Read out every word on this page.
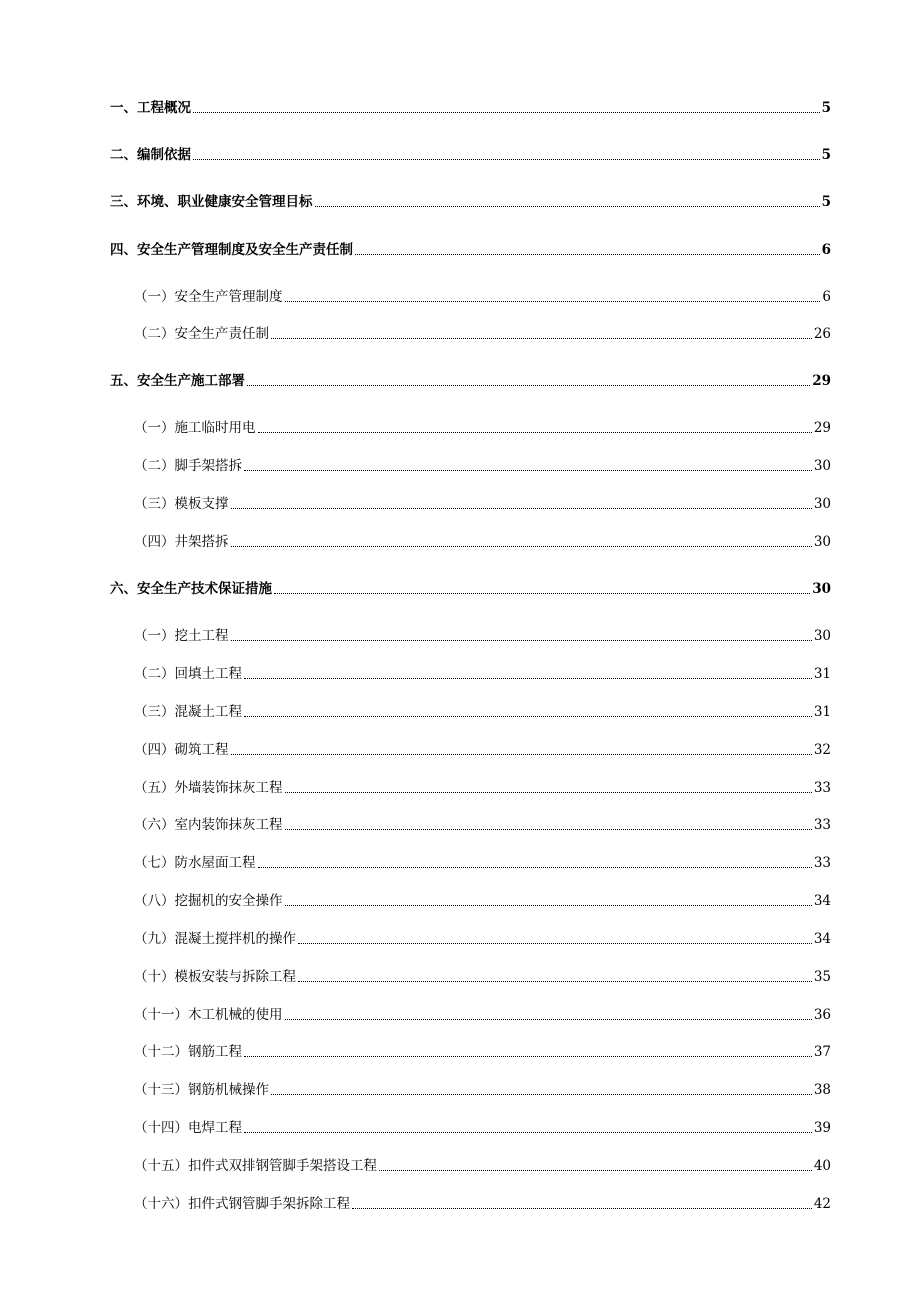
一、工程概况	5
二、编制依据	5
三、环境、职业健康安全管理目标	5
四、安全生产管理制度及安全生产责任制	6
（一）安全生产管理制度	6
（二）安全生产责任制	26
五、安全生产施工部署	29
（一）施工临时用电	29
（二）脚手架搭拆	30
（三）模板支撑	30
（四）井架搭拆	30
六、安全生产技术保证措施	30
（一）挖土工程	30
（二）回填土工程	31
（三）混凝土工程	31
（四）砌筑工程	32
（五）外墙装饰抹灰工程	33
（六）室内装饰抹灰工程	33
（七）防水屋面工程	33
（八）挖掘机的安全操作	34
（九）混凝土搅拌机的操作	34
（十）模板安装与拆除工程	35
（十一）木工机械的使用	36
（十二）钢筋工程	37
（十三）钢筋机械操作	38
（十四）电焊工程	39
（十五）扣件式双排钢管脚手架搭设工程	40
（十六）扣件式钢管脚手架拆除工程	42
